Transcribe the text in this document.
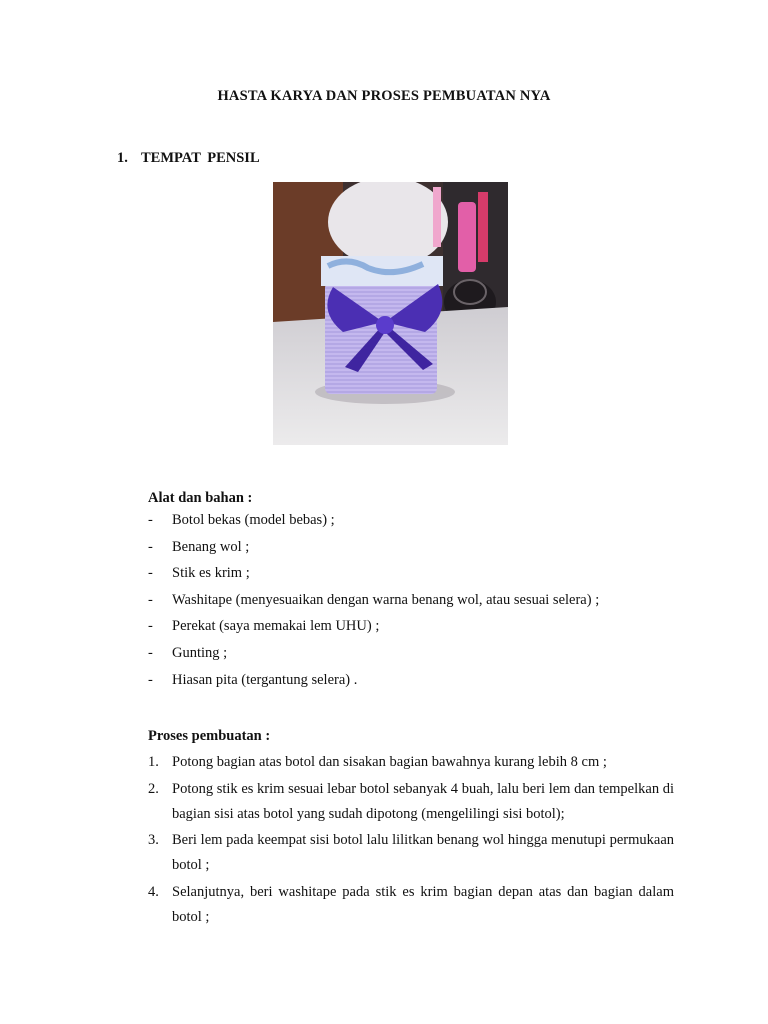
HASTA KARYA DAN PROSES PEMBUATAN NYA
1. TEMPAT PENSIL
Alat dan bahan :
-	Botol bekas (model bebas) ;
-	Benang wol ;
-	Stik es krim ;
-	Washitape (menyesuaikan dengan warna benang wol, atau sesuai selera) ;
-	Perekat (saya memakai lem UHU) ;
-	Gunting ;
-	Hiasan pita (tergantung selera) .
Proses pembuatan :
1. Potong bagian atas botol dan sisakan bagian bawahnya kurang lebih 8 cm ;
2. Potong stik es krim sesuai lebar botol sebanyak 4 buah, lalu beri lem dan tempelkan di bagian sisi atas botol yang sudah dipotong (mengelilingi sisi botol);
3. Beri lem pada keempat sisi botol lalu lilitkan benang wol hingga menutupi permukaan botol ;
4. Selanjutnya, beri washitape pada stik es krim bagian depan atas dan bagian dalam botol ;
